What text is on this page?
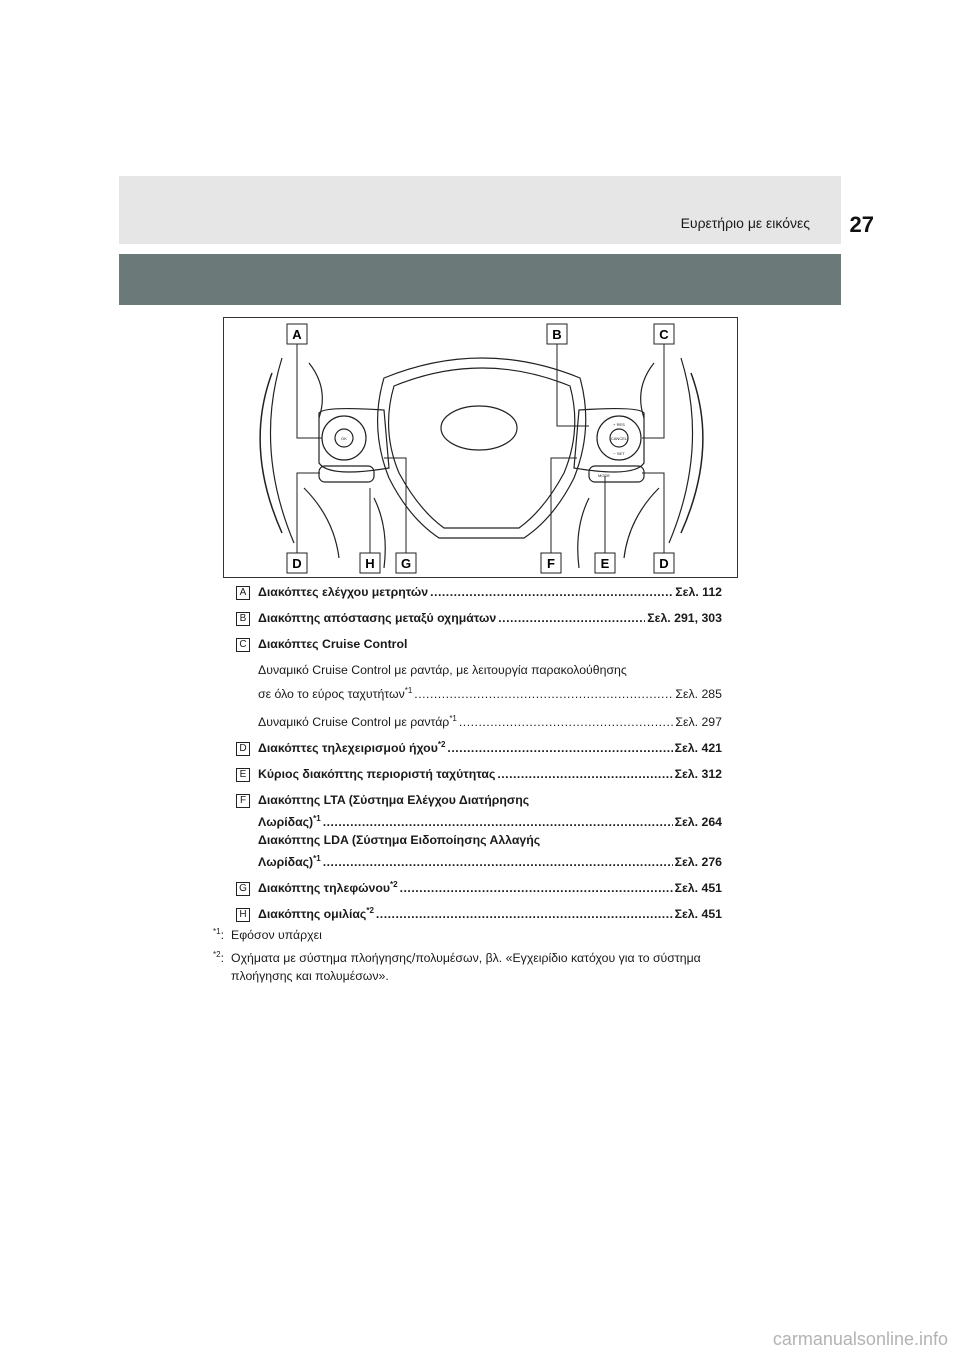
Ευρετήριο με εικόνες 27
A	B	C
D	H G	F	E	D
OK
+ RES
CANCEL
− SET
MODE
A Διακόπτες ελέγχου μετρητών .....	Σελ. 112
B Διακόπτης απόστασης μεταξύ οχημάτων .....	Σελ. 291, 303
C Διακόπτες Cruise Control
Δυναμικό Cruise Control με ραντάρ, με λειτουργία παρακολούθησης
σε όλο το εύρος ταχυτήτων$^{*1}$ .....	Σελ. 285
Δυναμικό Cruise Control με ραντάρ$^{*1}$ .....	Σελ. 297
D Διακόπτες τηλεχειρισμού ήχου$^{*2}$ .....	Σελ. 421
E Κύριος διακόπτης περιοριστή ταχύτητας .....	Σελ. 312
F Διακόπτης LTA (Σύστημα Ελέγχου Διατήρησης
Λωρίδας)$^{*1}$ .....	Σελ. 264
Διακόπτης LDA (Σύστημα Ειδοποίησης Αλλαγής
Λωρίδας)$^{*1}$ .....	Σελ. 276
G Διακόπτης τηλεφώνου$^{*2}$ .....	Σελ. 451
H Διακόπτης ομιλίας$^{*2}$ .....	Σελ. 451
$^{*1}$: Εφόσον υπάρχει
$^{*2}$: Οχήματα με σύστημα πλοήγησης/πολυμέσων, βλ. «Εγχειρίδιο κατόχου για το σύστημα πλοήγησης και πολυμέσων».
carmanualsonline.info
